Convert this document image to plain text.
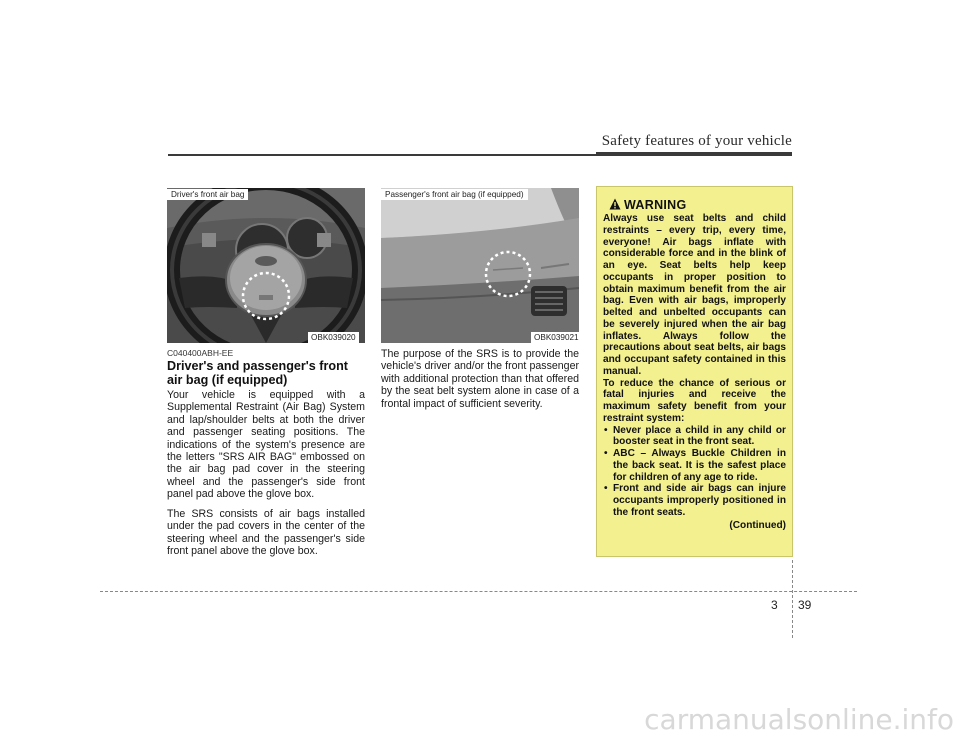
Safety features of your vehicle
Driver's front air bag
OBK039020
Passenger's front air bag (if equipped)
OBK039021
C040400ABH-EE
Driver's and passenger's front air bag (if equipped)
Your vehicle is equipped with a Supplemental Restraint (Air Bag) System and lap/shoulder belts at both the driver and passenger seating positions. The indications of the system's presence are the letters "SRS AIR BAG" embossed on the air bag pad cover in the steering wheel and the passenger's side front panel pad above the glove box.
The SRS consists of air bags installed under the pad covers in the center of the steering wheel and the passenger's side front panel above the glove box.
The purpose of the SRS is to provide the vehicle's driver and/or the front passenger with additional protection than that offered by the seat belt system alone in case of a frontal impact of sufficient severity.
WARNING

Always use seat belts and child restraints – every trip, every time, everyone! Air bags inflate with considerable force and in the blink of an eye. Seat belts help keep occupants in proper position to obtain maximum benefit from the air bag. Even with air bags, improperly belted and unbelted occupants can be severely injured when the air bag inflates. Always follow the precautions about seat belts, air bags and occupant safety contained in this manual.

To reduce the chance of serious or fatal injuries and receive the maximum safety benefit from your restraint system:

• Never place a child in any child or booster seat in the front seat.
• ABC – Always Buckle Children in the back seat. It is the safest place for children of any age to ride.
• Front and side air bags can injure occupants improperly positioned in the front seats.
(Continued)
3 39
carmanualsonline.info
